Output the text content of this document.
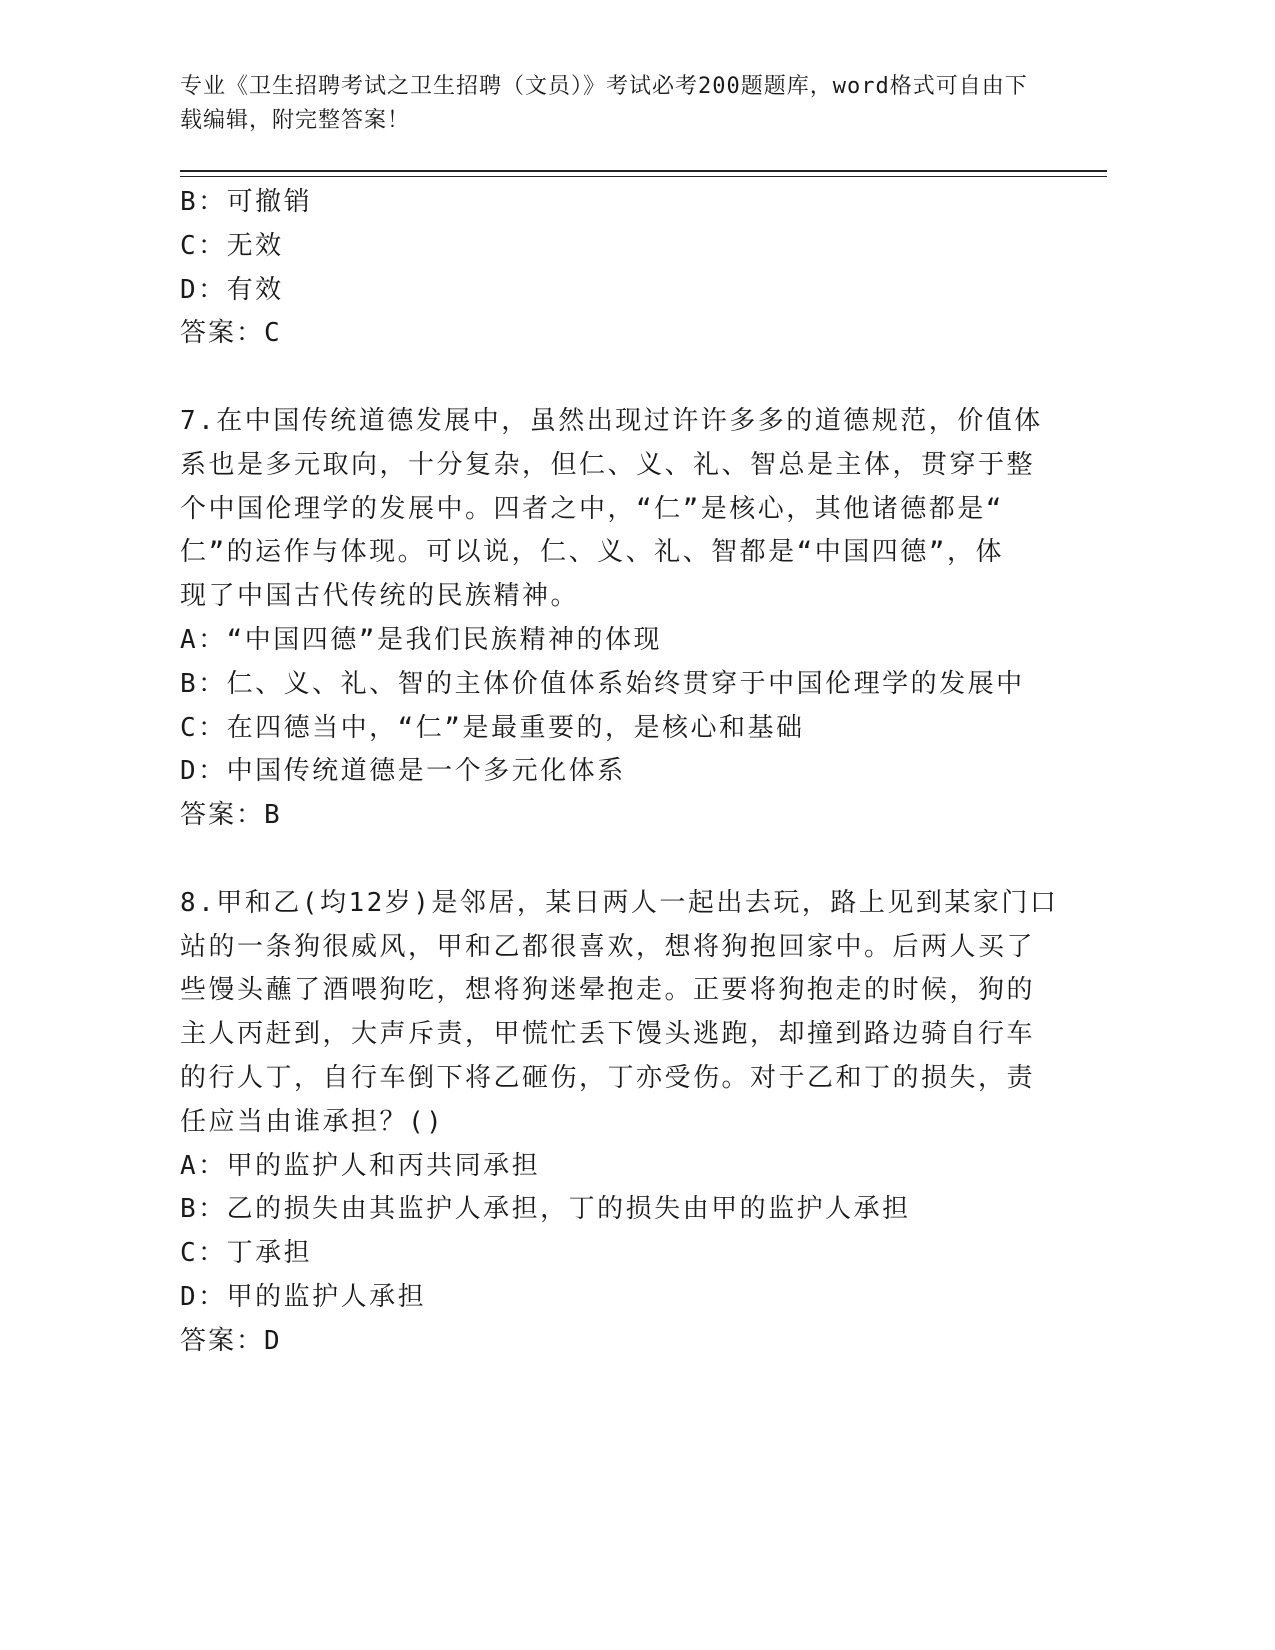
专业《卫生招聘考试之卫生招聘（文员）》考试必考200题题库，word格式可自由下载编辑，附完整答案！
B：可撤销
C：无效
D：有效
答案：C
7.在中国传统道德发展中，虽然出现过许许多多的道德规范，价值体
系也是多元取向，十分复杂，但仁、义、礼、智总是主体，贯穿于整
个中国伦理学的发展中。四者之中，“仁”是核心，其他诸德都是“
仁”的运作与体现。可以说，仁、义、礼、智都是“中国四德”，体
现了中国古代传统的民族精神。
A：“中国四德”是我们民族精神的体现
B：仁、义、礼、智的主体价值体系始终贯穿于中国伦理学的发展中
C：在四德当中，“仁”是最重要的，是核心和基础
D：中国传统道德是一个多元化体系
答案：B
8.甲和乙(均12岁)是邻居，某日两人一起出去玩，路上见到某家门口
站的一条狗很威风，甲和乙都很喜欢，想将狗抱回家中。后两人买了
些馒头蘸了酒喂狗吃，想将狗迷晕抱走。正要将狗抱走的时候，狗的
主人丙赶到，大声斥责，甲慌忙丢下馒头逃跑，却撞到路边骑自行车
的行人丁，自行车倒下将乙砸伤，丁亦受伤。对于乙和丁的损失，责
任应当由谁承担？()
A：甲的监护人和丙共同承担
B：乙的损失由其监护人承担，丁的损失由甲的监护人承担
C：丁承担
D：甲的监护人承担
答案：D
